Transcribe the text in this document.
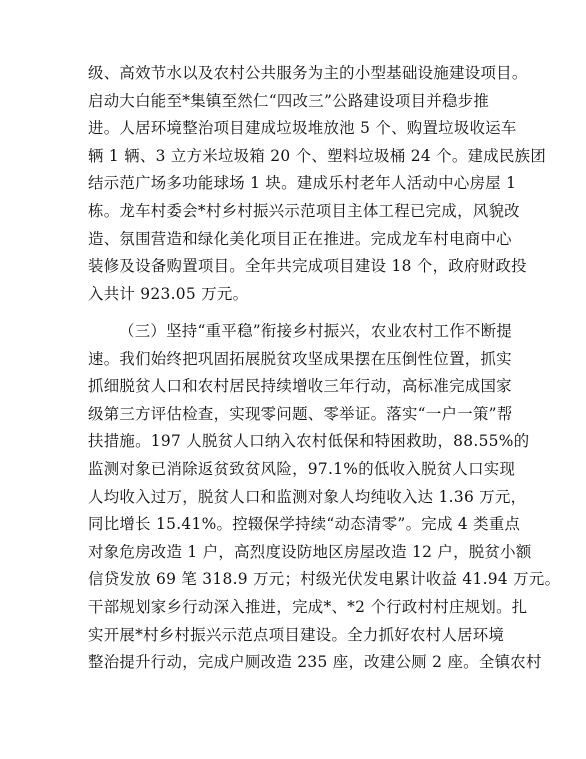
级、高效节水以及农村公共服务为主的小型基础设施建设项目。
启动大白能至*集镇至然仁“四改三”公路建设项目并稳步推
进。人居环境整治项目建成垃圾堆放池 5 个、购置垃圾收运车
辆 1 辆、3 立方米垃圾箱 20 个、塑料垃圾桶 24 个。建成民族团
结示范广场多功能球场 1 块。建成乐村老年人活动中心房屋 1
栋。龙车村委会*村乡村振兴示范项目主体工程已完成，风貌改
造、氛围营造和绿化美化项目正在推进。完成龙车村电商中心
装修及设备购置项目。全年共完成项目建设 18 个，政府财政投
入共计 923.05 万元。
（三）坚持“重平稳”衔接乡村振兴，农业农村工作不断提
速。我们始终把巩固拓展脱贫攻坚成果摆在压倒性位置，抓实
抓细脱贫人口和农村居民持续增收三年行动，高标准完成国家
级第三方评估检查，实现零问题、零举证。落实“一户一策”帮
扶措施。197 人脱贫人口纳入农村低保和特困救助，88.55%的
监测对象已消除返贫致贫风险，97.1%的低收入脱贫人口实现
人均收入过万，脱贫人口和监测对象人均纯收入达 1.36 万元，
同比增长 15.41%。控辍保学持续“动态清零”。完成 4 类重点
对象危房改造 1 户，高烈度设防地区房屋改造 12 户，脱贫小额
信贷发放 69 笔 318.9 万元；村级光伏发电累计收益 41.94 万元。
干部规划家乡行动深入推进，完成*、*2 个行政村村庄规划。扎
实开展*村乡村振兴示范点项目建设。全力抓好农村人居环境
整治提升行动，完成户厕改造 235 座，改建公厕 2 座。全镇农村
